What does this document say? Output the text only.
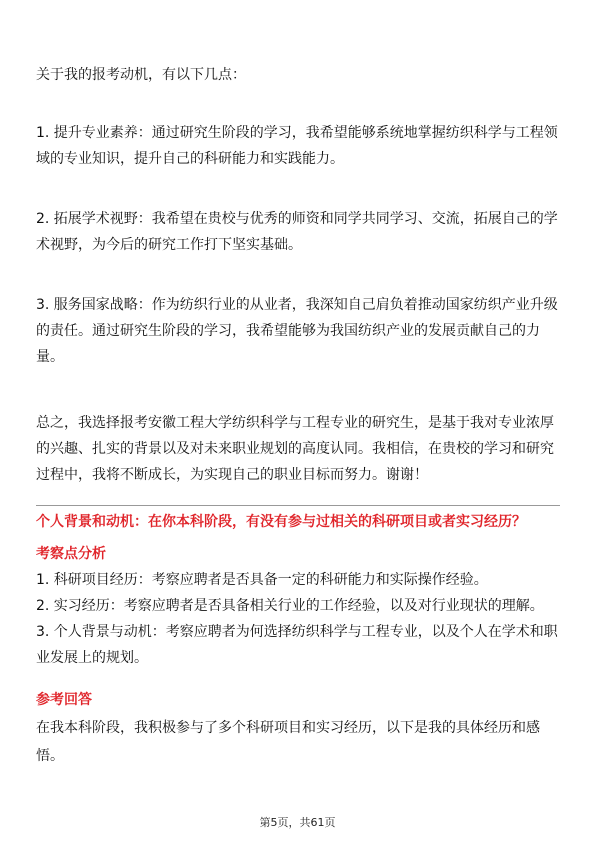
关于我的报考动机，有以下几点：

1. 提升专业素养：通过研究生阶段的学习，我希望能够系统地掌握纺织科学与工程领域的专业知识，提升自己的科研能力和实践能力。

2. 拓展学术视野：我希望在贵校与优秀的师资和同学共同学习、交流，拓展自己的学术视野，为今后的研究工作打下坚实基础。

3. 服务国家战略：作为纺织行业的从业者，我深知自己肩负着推动国家纺织产业升级的责任。通过研究生阶段的学习，我希望能够为我国纺织产业的发展贡献自己的力量。

总之，我选择报考安徽工程大学纺织科学与工程专业的研究生，是基于我对专业浓厚的兴趣、扎实的背景以及对未来职业规划的高度认同。我相信，在贵校的学习和研究过程中，我将不断成长，为实现自己的职业目标而努力。谢谢！

个人背景和动机：在你本科阶段，有没有参与过相关的科研项目或者实习经历？

考察点分析

1. 科研项目经历：考察应聘者是否具备一定的科研能力和实际操作经验。
2. 实习经历：考察应聘者是否具备相关行业的工作经验，以及对行业现状的理解。
3. 个人背景与动机：考察应聘者为何选择纺织科学与工程专业，以及个人在学术和职业发展上的规划。

参考回答

在我本科阶段，我积极参与了多个科研项目和实习经历，以下是我的具体经历和感悟。

第5页，共61页
